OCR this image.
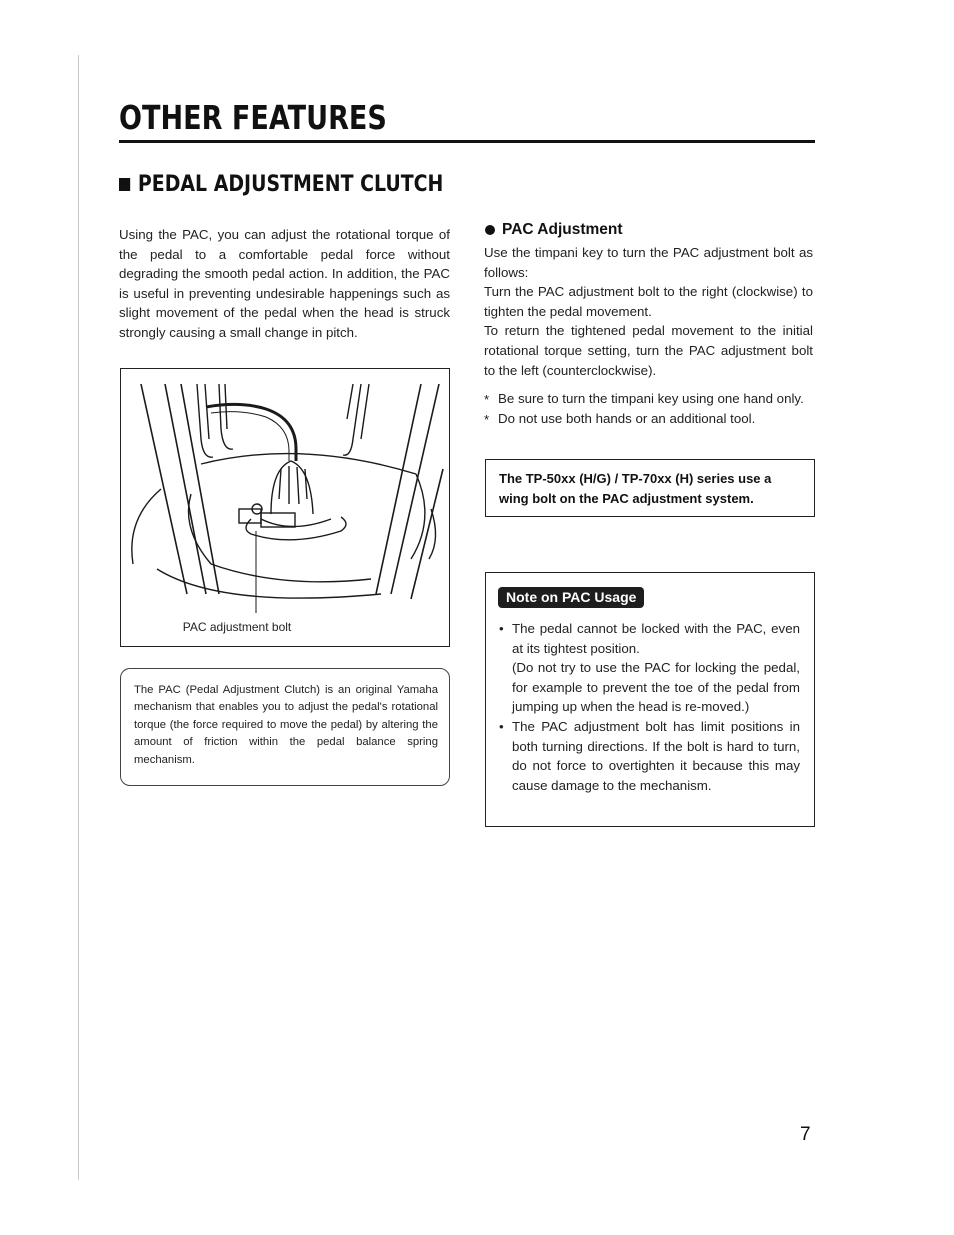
OTHER FEATURES
PEDAL ADJUSTMENT CLUTCH

Using the PAC, you can adjust the rotational torque of the pedal to a comfortable pedal force without degrading the smooth pedal action. In addition, the PAC is useful in preventing undesirable happenings such as slight movement of the pedal when the head is struck strongly causing a small change in pitch.

PAC adjustment bolt

The PAC (Pedal Adjustment Clutch) is an original Yamaha mechanism that enables you to adjust the pedal's rotational torque (the force required to move the pedal) by altering the amount of friction within the pedal balance spring mechanism.

PAC Adjustment

Use the timpani key to turn the PAC adjustment bolt as follows:

Turn the PAC adjustment bolt to the right (clockwise) to tighten the pedal movement.

To return the tightened pedal movement to the initial rotational torque setting, turn the PAC adjustment bolt to the left (counterclockwise).

* Be sure to turn the timpani key using one hand only.
* Do not use both hands or an additional tool.

The TP-50xx (H/G) / TP-70xx (H) series use a wing bolt on the PAC adjustment system.

Note on PAC Usage
• The pedal cannot be locked with the PAC, even at its tightest position.
(Do not try to use the PAC for locking the pedal, for example to prevent the toe of the pedal from jumping up when the head is re-moved.)
• The PAC adjustment bolt has limit positions in both turning directions. If the bolt is hard to turn, do not force to overtighten it because this may cause damage to the mechanism.
7
